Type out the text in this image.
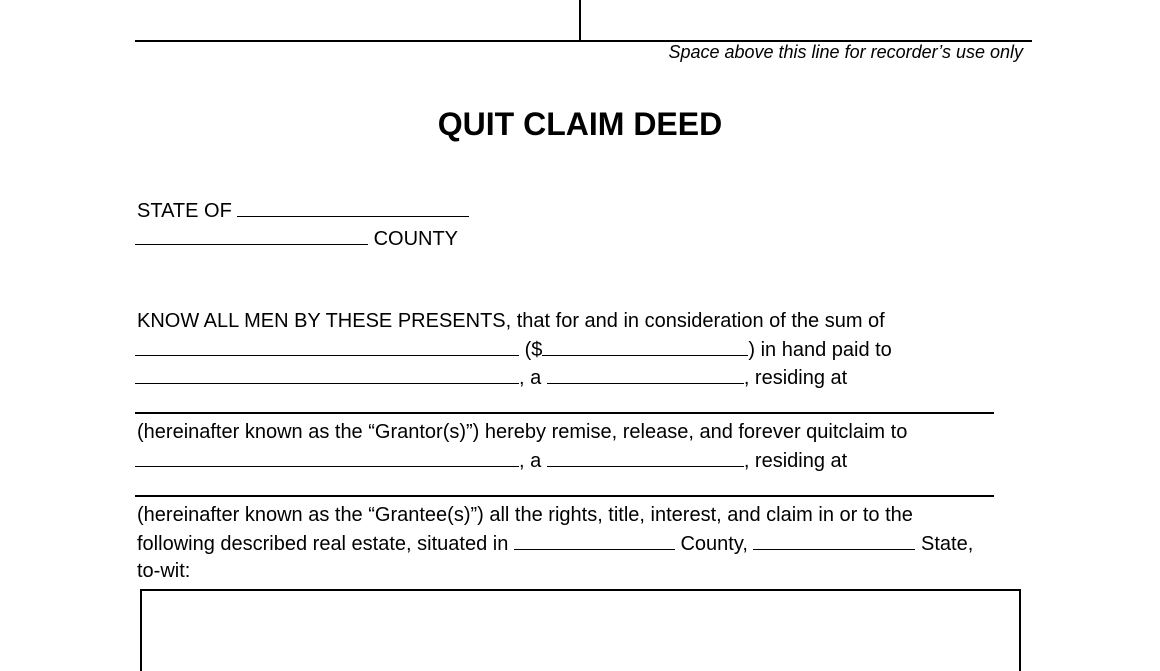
Space above this line for recorder’s use only
QUIT CLAIM DEED
STATE OF
COUNTY
KNOW ALL MEN BY THESE PRESENTS, that for and in consideration of the sum of
($	) in hand paid to
, a	, residing at
(hereinafter known as the “Grantor(s)”) hereby remise, release, and forever quitclaim to
, a	, residing at
(hereinafter known as the “Grantee(s)”) all the rights, title, interest, and claim in or to the
following described real estate, situated in	County,	State,
to-wit:
